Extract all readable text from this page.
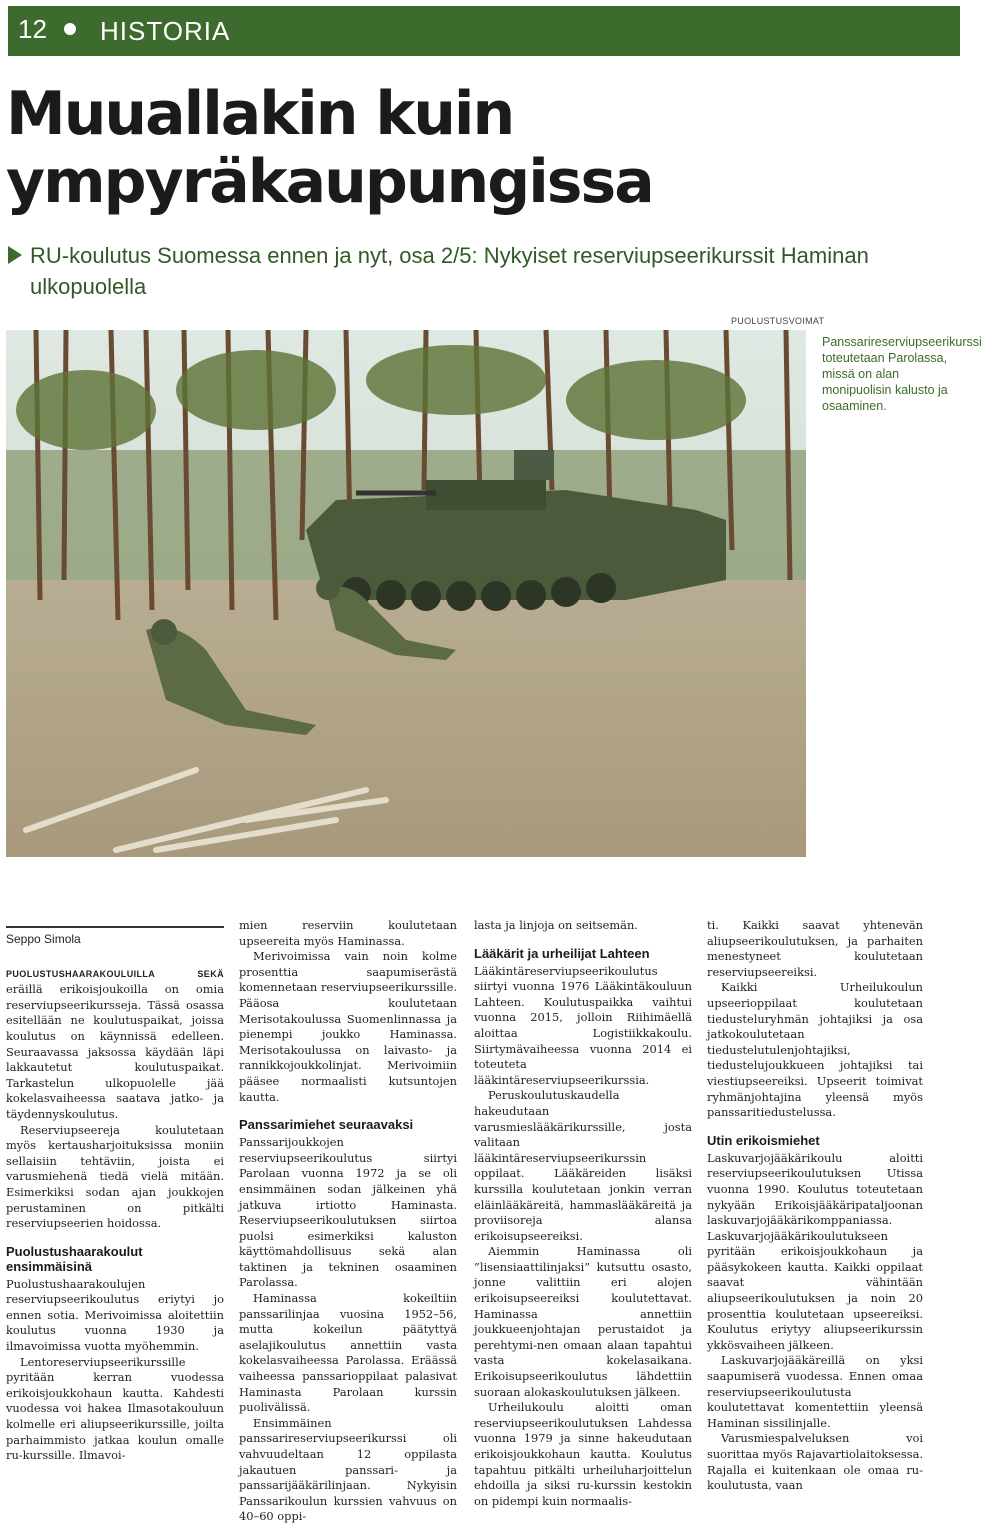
12 HISTORIA
Muuallakin kuin
ympyräkaupungissa
RU-koulutus Suomessa ennen ja nyt, osa 2/5: Nykyiset reserviupseerikurssit Haminan ulkopuolella
PUOLUSTUSVOIMAT
Panssarireserviupseerikurssi toteutetaan Parolassa, missä on alan monipuolisin kalusto ja osaaminen.
Seppo Simola

PUOLUSTUSHAARAKOULUILLA SEKÄ eräillä erikoisjoukoilla on omia reserviupseerikursseja. Tässä osassa esitellään ne koulutuspaikat, joissa koulutus on käynnissä edelleen. Seuraavassa jaksossa käydään läpi lakkautetut koulutuspaikat. Tarkastelun ulkopuolelle jää kokelasvaiheessa saatava jatko- ja täydennyskoulutus.

Reserviupseereja koulutetaan myös kertausharjoituksissa moniin sellaisiin tehtäviin, joista ei varusmiehenä tiedä vielä mitään. Esimerkiksi sodan ajan joukkojen perustaminen on pitkälti reserviupseerien hoidossa.

Puolustushaarakoulut ensimmäisinä

Puolustushaarakoulujen reserviupseerikoulutus eriytyi jo ennen sotia. Merivoimissa aloitettiin koulutus vuonna 1930 ja ilmavoimissa vuotta myöhemmin.

Lentoreserviupseerikurssille pyritään kerran vuodessa erikoisjoukkohaun kautta. Kahdesti vuodessa voi hakea Ilmasotakouluun kolmelle eri aliupseerikurssille, joilta parhaimmisto jatkaa koulun omalle ru-kurssille. Ilmavoi-

mien reserviin koulutetaan upseereita myös Haminassa.

Merivoimissa vain noin kolme prosenttia saapumiserästä komennetaan reserviupseerikurssille. Pääosa koulutetaan Merisotakoulussa Suomenlinnassa ja pienempi joukko Haminassa. Merisotakoulussa on laivasto- ja rannikkojoukkolinjat. Merivoimiin pääsee normaalisti kutsuntojen kautta.

Panssarimiehet seuraavaksi

Panssarijoukkojen reserviupseerikoulutus siirtyi Parolaan vuonna 1972 ja se oli ensimmäinen sodan jälkeinen yhä jatkuva irtiotto Haminasta. Reserviupseerikoulutuksen siirtoa puolsi esimerkiksi kaluston käyttömahdollisuus sekä alan taktinen ja tekninen osaaminen Parolassa.

Haminassa kokeiltiin panssarilinjaa vuosina 1952–56, mutta kokeilun päätyttyä aselajikoulutus annettiin vasta kokelasvaiheessa Parolassa. Eräässä vaiheessa panssarioppilaat palasivat Haminasta Parolaan kurssin puolivälissä.

Ensimmäinen panssarireserviupseerikurssi oli vahvuudeltaan 12 oppilasta jakautuen panssari- ja panssarijääkärilinjaan. Nykyisin Panssarikoulun kurssien vahvuus on 40–60 oppi-

lasta ja linjoja on seitsemän.

Lääkärit ja urheilijat Lahteen

Lääkintäreserviupseerikoulutus siirtyi vuonna 1976 Lääkintäkouluun Lahteen. Koulutuspaikka vaihtui vuonna 2015, jolloin Riihimäellä aloittaa Logistiikkakoulu. Siirtymävaiheessa vuonna 2014 ei toteuteta lääkintäreserviupseerikurssia.

Peruskoulutuskaudella hakeudutaan varusmieslääkärikurssille, josta valitaan lääkintäreserviupseerikurssin oppilaat. Lääkäreiden lisäksi kurssilla koulutetaan jonkin verran eläinlääkäreitä, hammaslääkäreitä ja proviisoreja alansa erikoisupseereiksi.

Aiemmin Haminassa oli ”lisensiaattilinjaksi” kutsuttu osasto, jonne valittiin eri alojen erikoisupseereiksi koulutettavat. Haminassa annettiin joukkueenjohtajan perustaidot ja perehtymi-nen omaan alaan tapahtui vasta kokelasaikana. Erikoisupseerikoulutus lähdettiin suoraan alokaskoulutuksen jälkeen.

Urheilukoulu aloitti oman reserviupseerikoulutuksen Lahdessa vuonna 1979 ja sinne hakeudutaan erikoisjoukkohaun kautta. Koulutus tapahtuu pitkälti urheiluharjoittelun ehdoilla ja siksi ru-kurssin kestokin on pidempi kuin normaalis-

ti. Kaikki saavat yhtenevän aliupseerikoulutuksen, ja parhaiten menestyneet koulutetaan reserviupseereiksi.

Kaikki Urheilukoulun upseerioppilaat koulutetaan tiedusteluryhmän johtajiksi ja osa jatkokoulutetaan tiedustelutulenjohtajiksi, tiedustelujoukkueen johtajiksi tai viestiupseereiksi. Upseerit toimivat ryhmänjohtajina yleensä myös panssaritiedustelussa.

Utin erikoismiehet

Laskuvarjojääkärikoulu aloitti reserviupseerikoulutuksen Utissa vuonna 1990. Koulutus toteutetaan nykyään Erikoisjääkäripataljoonan laskuvarjojääkärikomppaniassa. Laskuvarjojääkärikoulutukseen pyritään erikoisjoukkohaun ja pääsykokeen kautta. Kaikki oppilaat saavat vähintään aliupseerikoulutuksen ja noin 20 prosenttia koulutetaan upseereiksi. Koulutus eriytyy aliupseerikurssin ykkösvaiheen jälkeen.

Laskuvarjojääkäreillä on yksi saapumiserä vuodessa. Ennen omaa reserviupseerikoulutusta koulutettavat komentettiin yleensä Haminan sissilinjalle.

Varusmiespalveluksen voi suorittaa myös Rajavartiolaitoksessa. Rajalla ei kuitenkaan ole omaa ru-koulutusta, vaan
